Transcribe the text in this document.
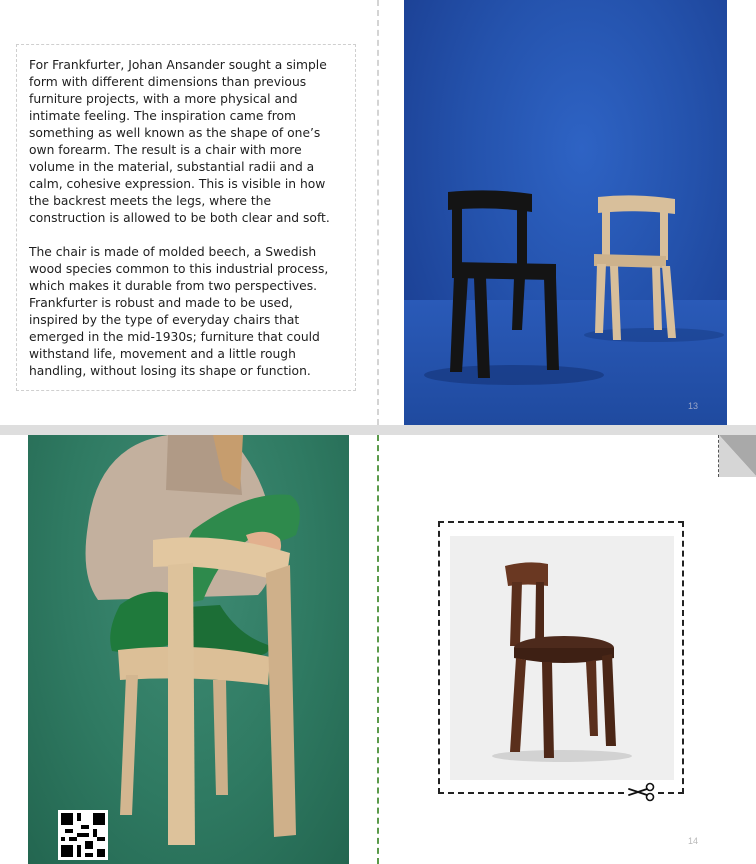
For Frankfurter, Johan Ansander sought a simple form with different dimensions than previous furniture projects, with a more physical and intimate feeling. The inspiration came from something as well known as the shape of one’s own forearm. The result is a chair with more volume in the material, substantial radii and a calm, cohesive expression. This is visible in how the backrest meets the legs, where the construction is allowed to be both clear and soft.

The chair is made of molded beech, a Swedish wood species common to this industrial process, which makes it durable from two perspectives. Frankfurter is robust and made to be used, inspired by the type of everyday chairs that emerged in the mid-1930s; furniture that could withstand life, movement and a little rough handling, without losing its shape or function.

13
14
